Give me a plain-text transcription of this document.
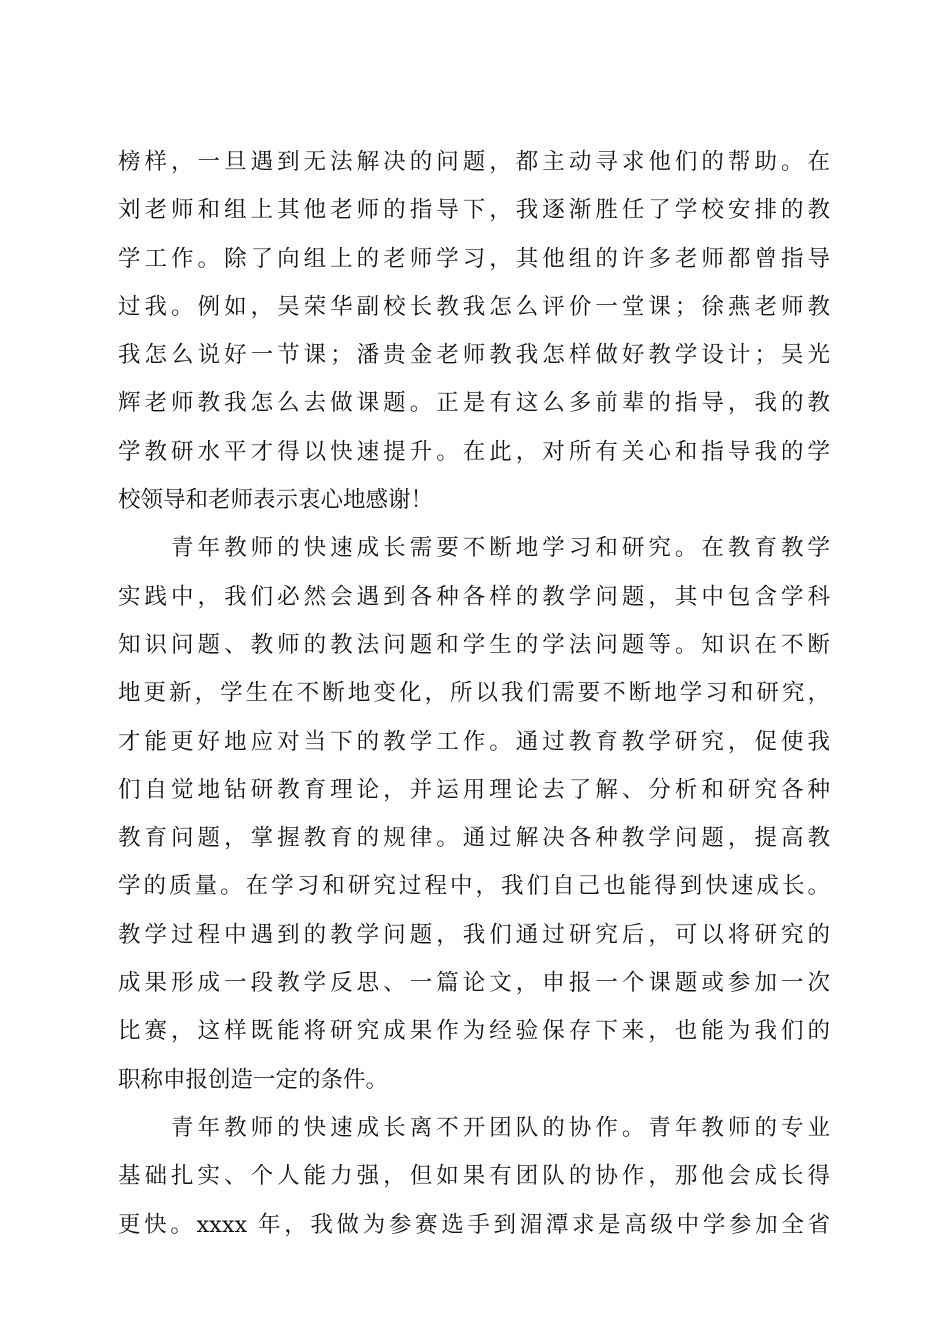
榜样，一旦遇到无法解决的问题，都主动寻求他们的帮助。在
刘老师和组上其他老师的指导下，我逐渐胜任了学校安排的教
学工作。除了向组上的老师学习，其他组的许多老师都曾指导
过我。例如，吴荣华副校长教我怎么评价一堂课；徐燕老师教
我怎么说好一节课；潘贵金老师教我怎样做好教学设计；吴光
辉老师教我怎么去做课题。正是有这么多前辈的指导，我的教
学教研水平才得以快速提升。在此，对所有关心和指导我的学
校领导和老师表示衷心地感谢！
　　青年教师的快速成长需要不断地学习和研究。在教育教学
实践中，我们必然会遇到各种各样的教学问题，其中包含学科
知识问题、教师的教法问题和学生的学法问题等。知识在不断
地更新，学生在不断地变化，所以我们需要不断地学习和研究，
才能更好地应对当下的教学工作。通过教育教学研究，促使我
们自觉地钻研教育理论，并运用理论去了解、分析和研究各种
教育问题，掌握教育的规律。通过解决各种教学问题，提高教
学的质量。在学习和研究过程中，我们自己也能得到快速成长。
教学过程中遇到的教学问题，我们通过研究后，可以将研究的
成果形成一段教学反思、一篇论文，申报一个课题或参加一次
比赛，这样既能将研究成果作为经验保存下来，也能为我们的
职称申报创造一定的条件。
　　青年教师的快速成长离不开团队的协作。青年教师的专业
基础扎实、个人能力强，但如果有团队的协作，那他会成长得
更快。xxxx 年，我做为参赛选手到湄潭求是高级中学参加全省
